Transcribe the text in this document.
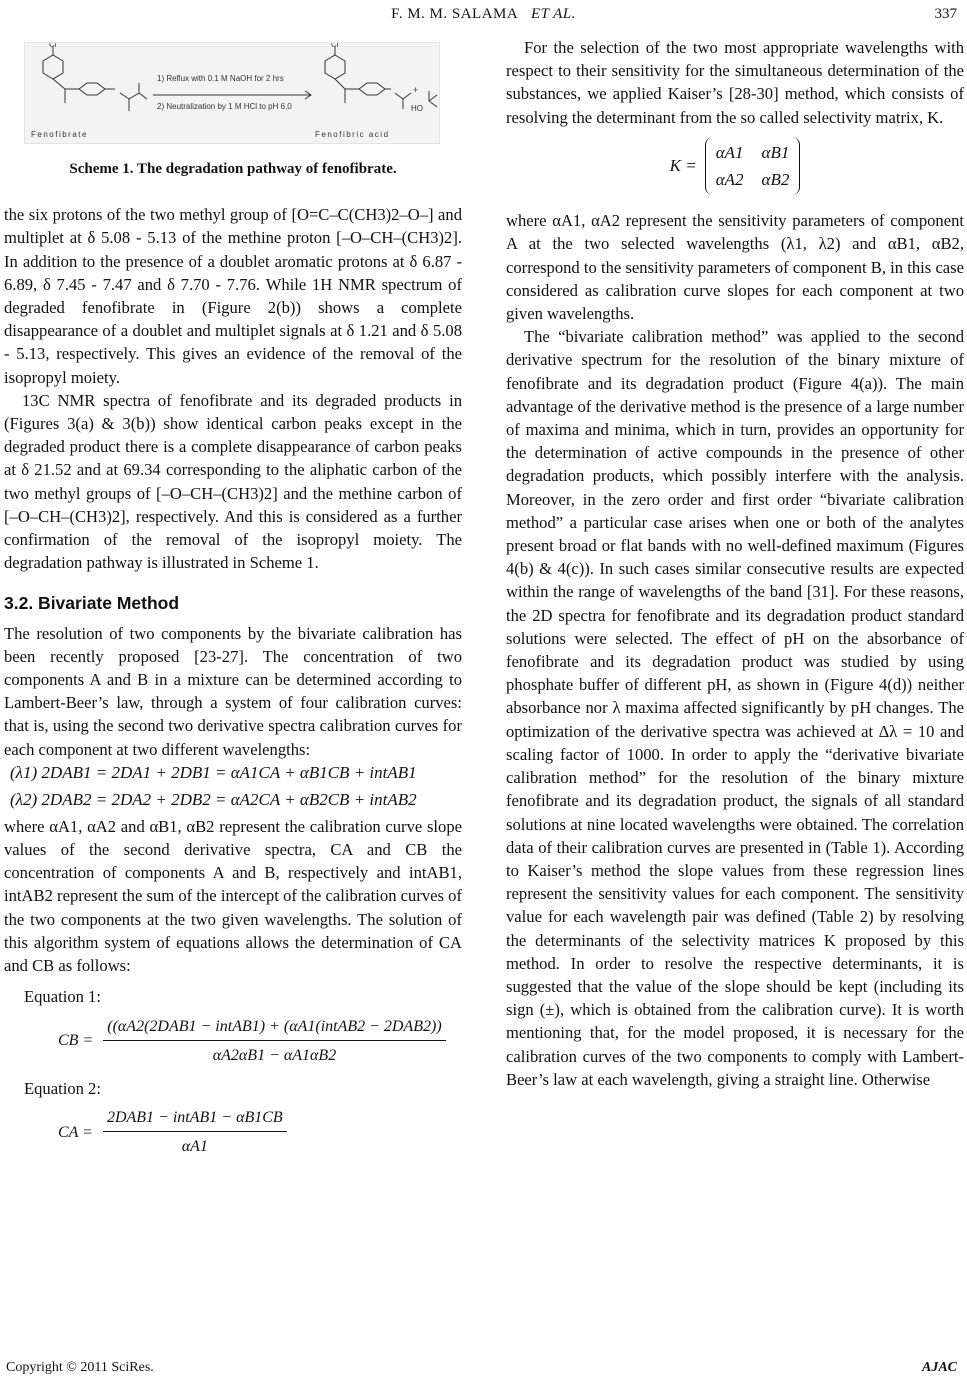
F. M. M. SALAMA ET AL.	337
Cl	Cl
1) Reflux with 0.1 M NaOH for 2 hrs
2) Neutralization by 1 M HCl to pH 6.0
+
HO
Fenofibrate	Fenofibric acid
Scheme 1. The degradation pathway of fenofibrate.

the six protons of the two methyl group of [O=C–C(CH3)2–O–] and multiplet at δ 5.08 - 5.13 of the methine proton [–O–CH–(CH3)2]. In addition to the presence of a doublet aromatic protons at δ 6.87 - 6.89, δ 7.45 - 7.47 and δ 7.70 - 7.76. While 1H NMR spectrum of degraded fenofibrate in (Figure 2(b)) shows a complete disappearance of a doublet and multiplet signals at δ 1.21 and δ 5.08 - 5.13, respectively. This gives an evidence of the removal of the isopropyl moiety.

13C NMR spectra of fenofibrate and its degraded products in (Figures 3(a) & 3(b)) show identical carbon peaks except in the degraded product there is a complete disappearance of carbon peaks at δ 21.52 and at 69.34 corresponding to the aliphatic carbon of the two methyl groups of [–O–CH–(CH3)2] and the methine carbon of [–O–CH–(CH3)2], respectively. And this is considered as a further confirmation of the removal of the isopropyl moiety. The degradation pathway is illustrated in Scheme 1.

3.2. Bivariate Method

The resolution of two components by the bivariate calibration has been recently proposed [23-27]. The concentration of two components A and B in a mixture can be determined according to Lambert-Beer’s law, through a system of four calibration curves: that is, using the second two derivative spectra calibration curves for each component at two different wavelengths:

(λ1) 2DAB1 = 2DA1 + 2DB1 = αA1CA + αB1CB + intAB1
(λ2) 2DAB2 = 2DA2 + 2DB2 = αA2CA + αB2CB + intAB2

where αA1, αA2 and αB1, αB2 represent the calibration curve slope values of the second derivative spectra, CA and CB the concentration of components A and B, respectively and intAB1, intAB2 represent the sum of the intercept of the calibration curves of the two components at the two given wavelengths. The solution of this algorithm system of equations allows the determination of CA and CB as follows:

Equation 1:
CB = $\frac{\text{((αA2(2DAB1 − intAB1) + (αA1(intAB2 − 2DAB2))}}{\alpha A2\alpha B1 - \alpha A1\alpha B2}$
Equation 2:
CA = $\frac{\text{2DAB1 − intAB1 − αB1CB}}{\alpha A1}$

For the selection of the two most appropriate wavelengths with respect to their sensitivity for the simultaneous determination of the substances, we applied Kaiser’s [28-30] method, which consists of resolving the determinant from the so called selectivity matrix, K.

K =
αA1 αB1
αA2 αB2

where αA1, αA2 represent the sensitivity parameters of component A at the two selected wavelengths (λ1, λ2) and αB1, αB2, correspond to the sensitivity parameters of component B, in this case considered as calibration curve slopes for each component at two given wavelengths.

The “bivariate calibration method” was applied to the second derivative spectrum for the resolution of the binary mixture of fenofibrate and its degradation product (Figure 4(a)). The main advantage of the derivative method is the presence of a large number of maxima and minima, which in turn, provides an opportunity for the determination of active compounds in the presence of other degradation products, which possibly interfere with the analysis. Moreover, in the zero order and first order “bivariate calibration method” a particular case arises when one or both of the analytes present broad or flat bands with no well-defined maximum (Figures 4(b) & 4(c)). In such cases similar consecutive results are expected within the range of wavelengths of the band [31]. For these reasons, the 2D spectra for fenofibrate and its degradation product standard solutions were selected. The effect of pH on the absorbance of fenofibrate and its degradation product was studied by using phosphate buffer of different pH, as shown in (Figure 4(d)) neither absorbance nor λ maxima affected significantly by pH changes. The optimization of the derivative spectra was achieved at Δλ = 10 and scaling factor of 1000. In order to apply the “derivative bivariate calibration method” for the resolution of the binary mixture fenofibrate and its degradation product, the signals of all standard solutions at nine located wavelengths were obtained. The correlation data of their calibration curves are presented in (Table 1). According to Kaiser’s method the slope values from these regression lines represent the sensitivity values for each component. The sensitivity value for each wavelength pair was defined (Table 2) by resolving the determinants of the selectivity matrices K proposed by this method. In order to resolve the respective determinants, it is suggested that the value of the slope should be kept (including its sign (±), which is obtained from the calibration curve). It is worth mentioning that, for the model proposed, it is necessary for the calibration curves of the two components to comply with Lambert-Beer’s law at each wavelength, giving a straight line. Otherwise

Copyright © 2011 SciRes.	AJAC
